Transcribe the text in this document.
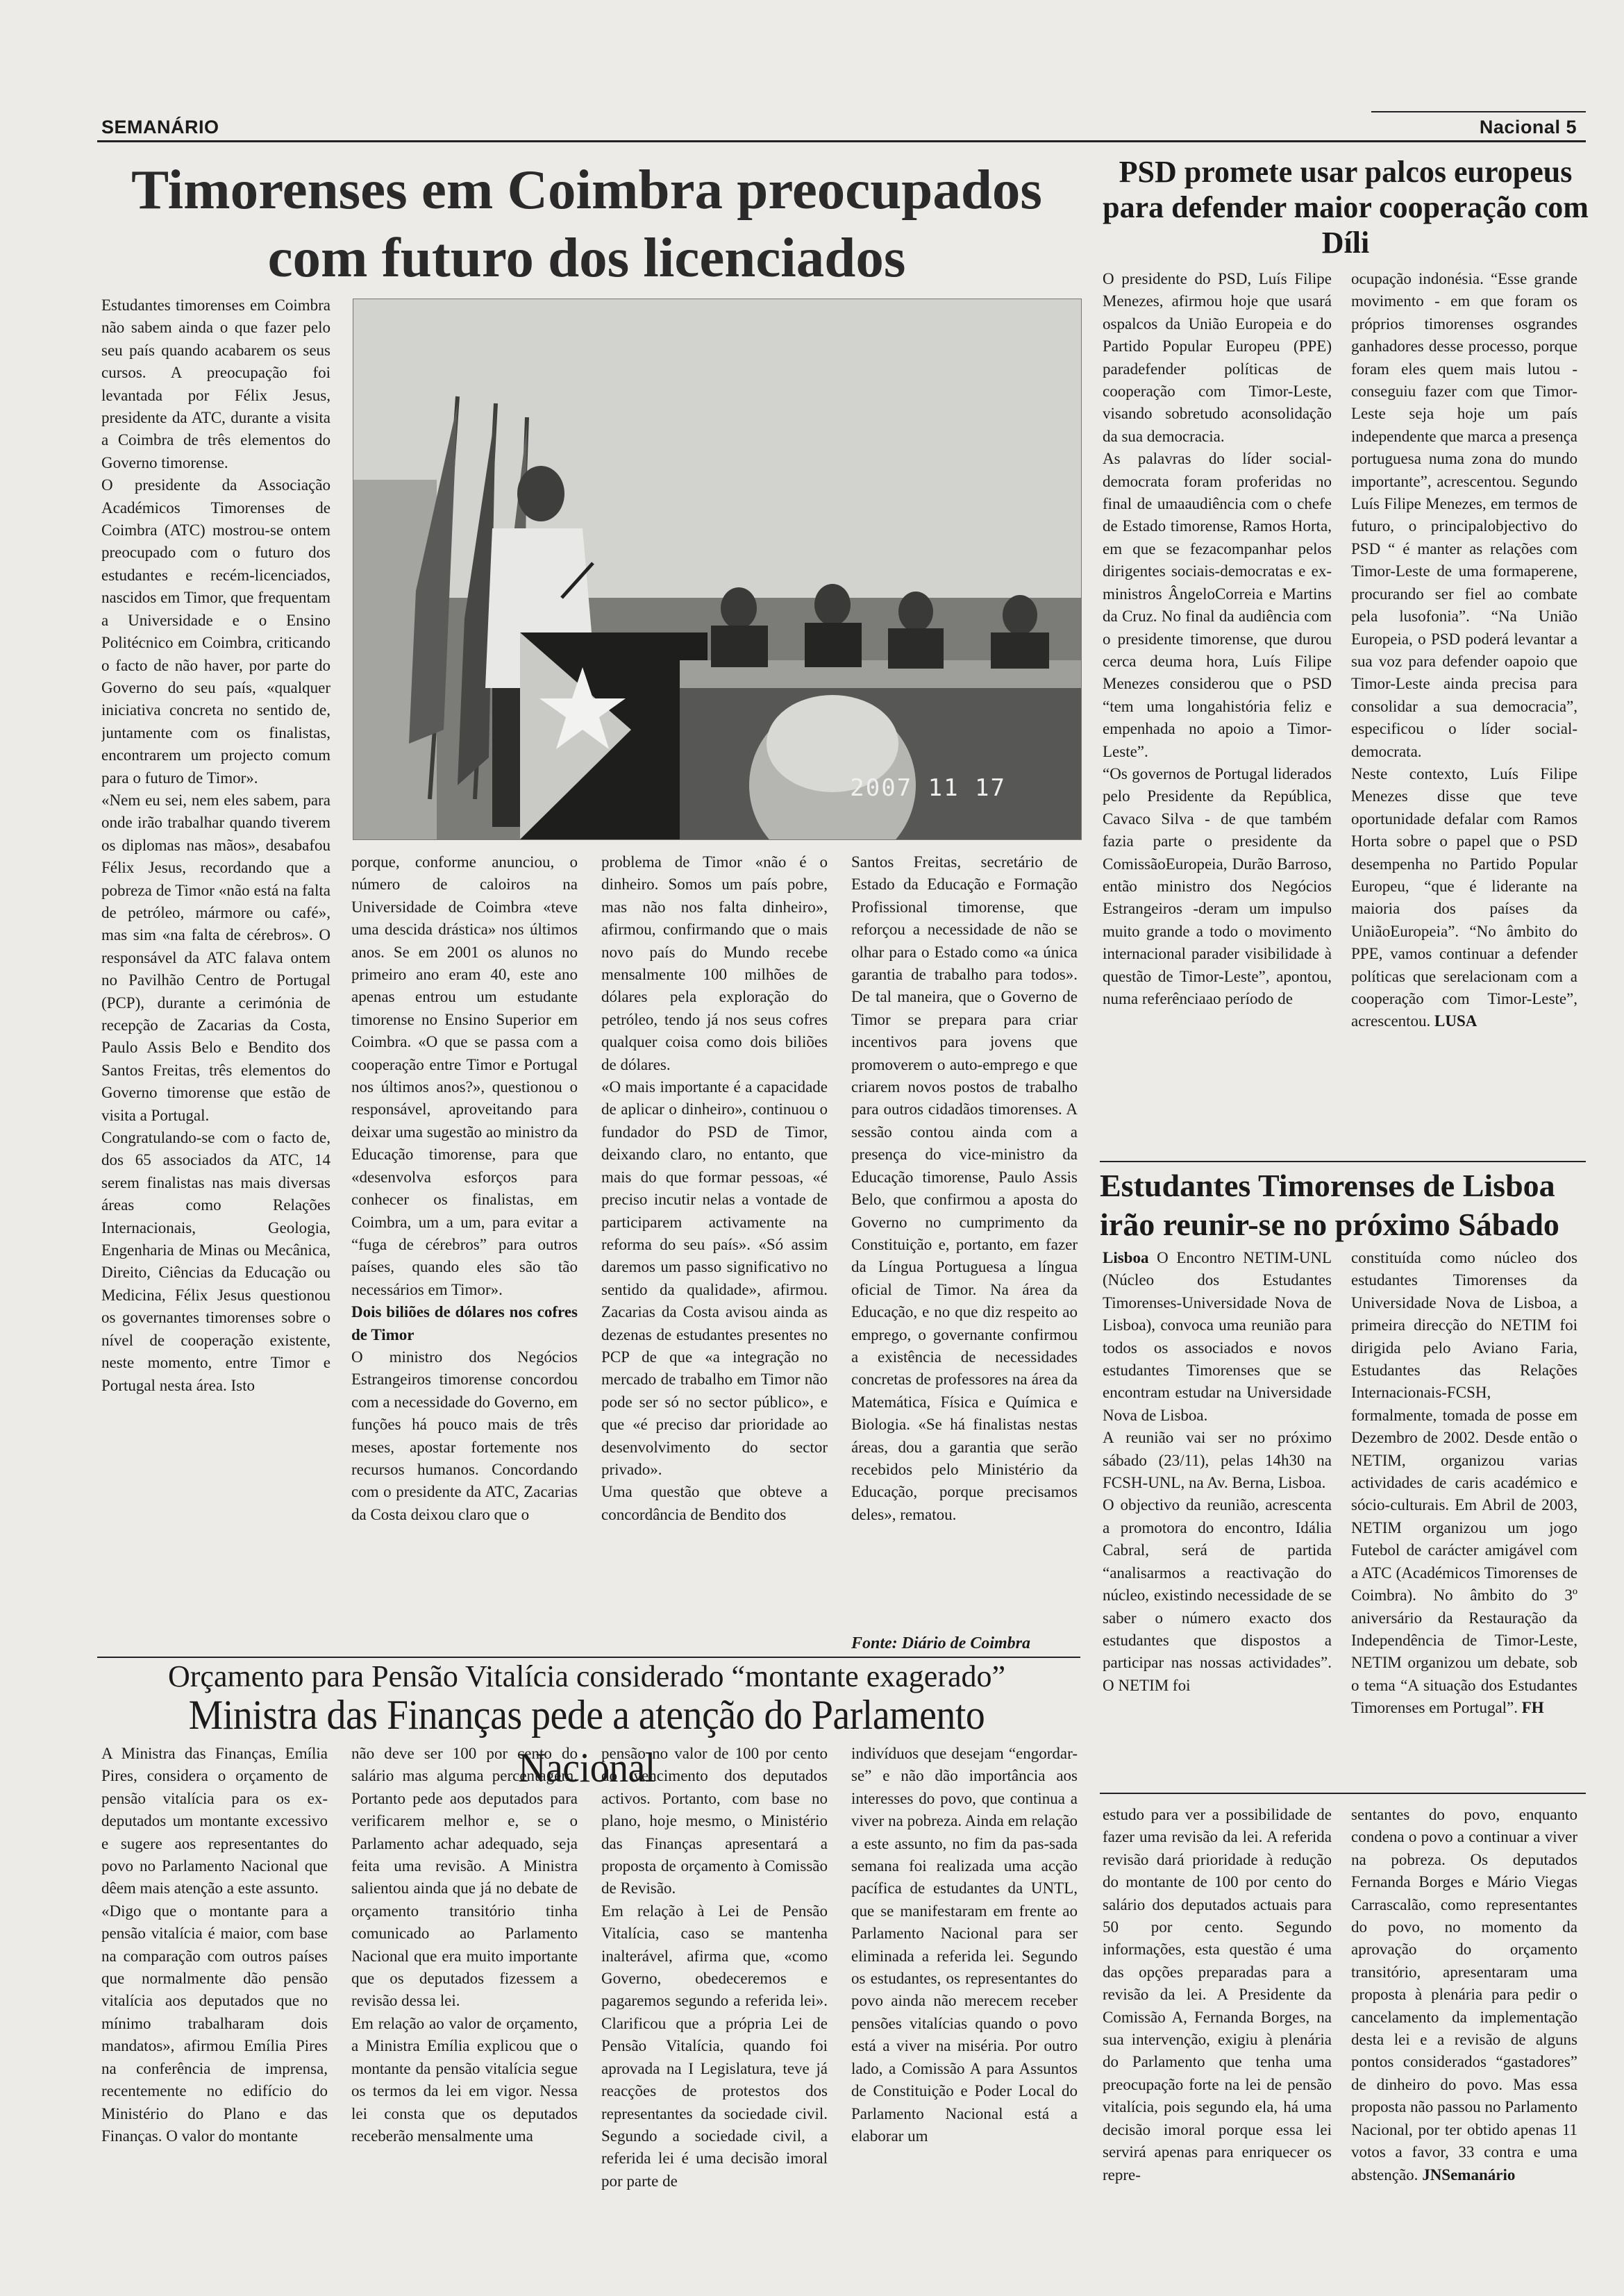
SEMANÁRIO	Nacional 5
Timorenses em Coimbra preocupados com futuro dos licenciados
PSD promete usar palcos europeus para defender maior cooperação com Díli

Estudantes timorenses em Coimbra não sabem ainda o que fazer pelo seu país quando acabarem os seus cursos. A preocupação foi levantada por Félix Jesus, presidente da ATC, durante a visita a Coimbra de três elementos do Governo timorense.

O presidente da Associação Académicos Timorenses de Coimbra (ATC) mostrou-se ontem preocupado com o futuro dos estudantes e recém-licenciados, nascidos em Timor, que frequentam a Universidade e o Ensino Politécnico em Coimbra, criticando o facto de não haver, por parte do Governo do seu país, «qualquer iniciativa concreta no sentido de, juntamente com os finalistas, encontrarem um projecto comum para o futuro de Timor».

«Nem eu sei, nem eles sabem, para onde irão trabalhar quando tiverem os diplomas nas mãos», desabafou Félix Jesus, recordando que a pobreza de Timor «não está na falta de petróleo, mármore ou café», mas sim «na falta de cérebros». O responsável da ATC falava ontem no Pavilhão Centro de Portugal (PCP), durante a cerimónia de recepção de Zacarias da Costa, Paulo Assis Belo e Bendito dos Santos Freitas, três elementos do Governo timorense que estão de visita a Portugal.

Congratulando-se com o facto de, dos 65 associados da ATC, 14 serem finalistas nas mais diversas áreas como Relações Internacionais, Geologia, Engenharia de Minas ou Mecânica, Direito, Ciências da Educação ou Medicina, Félix Jesus questionou os governantes timorenses sobre o nível de cooperação existente, neste momento, entre Timor e Portugal nesta área. Isto

2007 11 17

porque, conforme anunciou, o número de caloiros na Universidade de Coimbra «teve uma descida drástica» nos últimos anos. Se em 2001 os alunos no primeiro ano eram 40, este ano apenas entrou um estudante timorense no Ensino Superior em Coimbra. «O que se passa com a cooperação entre Timor e Portugal nos últimos anos?», questionou o responsável, aproveitando para deixar uma sugestão ao ministro da Educação timorense, para que «desenvolva esforços para conhecer os finalistas, em Coimbra, um a um, para evitar a “fuga de cérebros” para outros países, quando eles são tão necessários em Timor».

Dois biliões de dólares nos cofres de Timor

O ministro dos Negócios Estrangeiros timorense concordou com a necessidade do Governo, em funções há pouco mais de três meses, apostar fortemente nos recursos humanos. Concordando com o presidente da ATC, Zacarias da Costa deixou claro que o

problema de Timor «não é o dinheiro. Somos um país pobre, mas não nos falta dinheiro», afirmou, confirmando que o mais novo país do Mundo recebe mensalmente 100 milhões de dólares pela exploração do petróleo, tendo já nos seus cofres qualquer coisa como dois biliões de dólares.

«O mais importante é a capacidade de aplicar o dinheiro», continuou o fundador do PSD de Timor, deixando claro, no entanto, que mais do que formar pessoas, «é preciso incutir nelas a vontade de participarem activamente na reforma do seu país». «Só assim daremos um passo significativo no sentido da qualidade», afirmou. Zacarias da Costa avisou ainda as dezenas de estudantes presentes no PCP de que «a integração no mercado de trabalho em Timor não pode ser só no sector público», e que «é preciso dar prioridade ao desenvolvimento do sector privado».

Uma questão que obteve a concordância de Bendito dos

Santos Freitas, secretário de Estado da Educação e Formação Profissional timorense, que reforçou a necessidade de não se olhar para o Estado como «a única garantia de trabalho para todos». De tal maneira, que o Governo de Timor se prepara para criar incentivos para jovens que promoverem o auto-emprego e que criarem novos postos de trabalho para outros cidadãos timorenses. A sessão contou ainda com a presença do vice-ministro da Educação timorense, Paulo Assis Belo, que confirmou a aposta do Governo no cumprimento da Constituição e, portanto, em fazer da Língua Portuguesa a língua oficial de Timor. Na área da Educação, e no que diz respeito ao emprego, o governante confirmou a existência de necessidades concretas de professores na área da Matemática, Física e Química e Biologia. «Se há finalistas nestas áreas, dou a garantia que serão recebidos pelo Ministério da Educação, porque precisamos deles», rematou.

Fonte: Diário de Coimbra

O presidente do PSD, Luís Filipe Menezes, afirmou hoje que usará ospalcos da União Europeia e do Partido Popular Europeu (PPE) paradefender políticas de cooperação com Timor-Leste, visando sobretudo aconsolidação da sua democracia.

As palavras do líder social-democrata foram proferidas no final de umaaudiência com o chefe de Estado timorense, Ramos Horta, em que se fezacompanhar pelos dirigentes sociais-democratas e ex-ministros ÂngeloCorreia e Martins da Cruz. No final da audiência com o presidente timorense, que durou cerca deuma hora, Luís Filipe Menezes considerou que o PSD “tem uma longahistória feliz e empenhada no apoio a Timor-Leste”.

“Os governos de Portugal liderados pelo Presidente da República, Cavaco Silva - de que também fazia parte o presidente da ComissãoEuropeia, Durão Barroso, então ministro dos Negócios Estrangeiros -deram um impulso muito grande a todo o movimento internacional parader visibilidade à questão de Timor-Leste”, apontou, numa referênciaao período de

ocupação indonésia. “Esse grande movimento - em que foram os próprios timorenses osgrandes ganhadores desse processo, porque foram eles quem mais lutou -conseguiu fazer com que Timor-Leste seja hoje um país independente que marca a presença portuguesa numa zona do mundo importante”, acrescentou. Segundo Luís Filipe Menezes, em termos de futuro, o principalobjectivo do PSD “ é manter as relações com Timor-Leste de uma formaperene, procurando ser fiel ao combate pela lusofonia”. “Na União Europeia, o PSD poderá levantar a sua voz para defender oapoio que Timor-Leste ainda precisa para consolidar a sua democracia”, especificou o líder social-democrata.

Neste contexto, Luís Filipe Menezes disse que teve oportunidade defalar com Ramos Horta sobre o papel que o PSD desempenha no Partido Popular Europeu, “que é liderante na maioria dos países da UniãoEuropeia”. “No âmbito do PPE, vamos continuar a defender políticas que serelacionam com a cooperação com Timor-Leste”, acrescentou. LUSA

Estudantes Timorenses de Lisboa irão reunir-se no próximo Sábado

Lisboa O Encontro NETIM-UNL (Núcleo dos Estudantes Timorenses-Universidade Nova de Lisboa), convoca uma reunião para todos os associados e novos estudantes Timorenses que se encontram estudar na Universidade Nova de Lisboa.

A reunião vai ser no próximo sábado (23/11), pelas 14h30 na FCSH-UNL, na Av. Berna, Lisboa.

O objectivo da reunião, acrescenta a promotora do encontro, Idália Cabral, será de partida “analisarmos a reactivação do núcleo, existindo necessidade de se saber o número exacto dos estudantes que dispostos a participar nas nossas actividades”. O NETIM foi

constituída como núcleo dos estudantes Timorenses da Universidade Nova de Lisboa, a primeira direcção do NETIM foi dirigida pelo Aviano Faria, Estudantes das Relações Internacionais-FCSH, formalmente, tomada de posse em Dezembro de 2002. Desde então o NETIM, organizou varias actividades de caris académico e sócio-culturais. Em Abril de 2003, NETIM organizou um jogo Futebol de carácter amigável com a ATC (Académicos Timorenses de Coimbra). No âmbito do 3º aniversário da Restauração da Independência de Timor-Leste, NETIM organizou um debate, sob o tema “A situação dos Estudantes Timorenses em Portugal”. FH

Orçamento para Pensão Vitalícia considerado “montante exagerado”
Ministra das Finanças pede a atenção do Parlamento Nacional

A Ministra das Finanças, Emília Pires, considera o orçamento de pensão vitalícia para os ex-deputados um montante excessivo e sugere aos representantes do povo no Parlamento Nacional que dêem mais atenção a este assunto.

«Digo que o montante para a pensão vitalícia é maior, com base na comparação com outros países que normalmente dão pensão vitalícia aos deputados que no mínimo trabalharam dois mandatos», afirmou Emília Pires na conferência de imprensa, recentemente no edifício do Ministério do Plano e das Finanças. O valor do montante

não deve ser 100 por cento do salário mas alguma percentagem. Portanto pede aos deputados para verificarem melhor e, se o Parlamento achar adequado, seja feita uma revisão. A Ministra salientou ainda que já no debate de orçamento transitório tinha comunicado ao Parlamento Nacional que era muito importante que os deputados fizessem a revisão dessa lei.

Em relação ao valor de orçamento, a Ministra Emília explicou que o montante da pensão vitalícia segue os termos da lei em vigor. Nessa lei consta que os deputados receberão mensalmente uma

pensão no valor de 100 por cento do vencimento dos deputados activos. Portanto, com base no plano, hoje mesmo, o Ministério das Finanças apresentará a proposta de orçamento à Comissão de Revisão.

Em relação à Lei de Pensão Vitalícia, caso se mantenha inalterável, afirma que, «como Governo, obedeceremos e pagaremos segundo a referida lei». Clarificou que a própria Lei de Pensão Vitalícia, quando foi aprovada na I Legislatura, teve já reacções de protestos dos representantes da sociedade civil. Segundo a sociedade civil, a referida lei é uma decisão imoral por parte de

indivíduos que desejam “engordar-se” e não dão importância aos interesses do povo, que continua a viver na pobreza. Ainda em relação a este assunto, no fim da pas-sada semana foi realizada uma acção pacífica de estudantes da UNTL, que se manifestaram em frente ao Parlamento Nacional para ser eliminada a referida lei. Segundo os estudantes, os representantes do povo ainda não merecem receber pensões vitalícias quando o povo está a viver na miséria. Por outro lado, a Comissão A para Assuntos de Constituição e Poder Local do Parlamento Nacional está a elaborar um

estudo para ver a possibilidade de fazer uma revisão da lei. A referida revisão dará prioridade à redução do montante de 100 por cento do salário dos deputados actuais para 50 por cento. Segundo informações, esta questão é uma das opções preparadas para a revisão da lei. A Presidente da Comissão A, Fernanda Borges, na sua intervenção, exigiu à plenária do Parlamento que tenha uma preocupação forte na lei de pensão vitalícia, pois segundo ela, há uma decisão imoral porque essa lei servirá apenas para enriquecer os repre-

sentantes do povo, enquanto condena o povo a continuar a viver na pobreza. Os deputados Fernanda Borges e Mário Viegas Carrascalão, como representantes do povo, no momento da aprovação do orçamento transitório, apresentaram uma proposta à plenária para pedir o cancelamento da implementação desta lei e a revisão de alguns pontos considerados “gastadores” de dinheiro do povo. Mas essa proposta não passou no Parlamento Nacional, por ter obtido apenas 11 votos a favor, 33 contra e uma abstenção. JNSemanário
